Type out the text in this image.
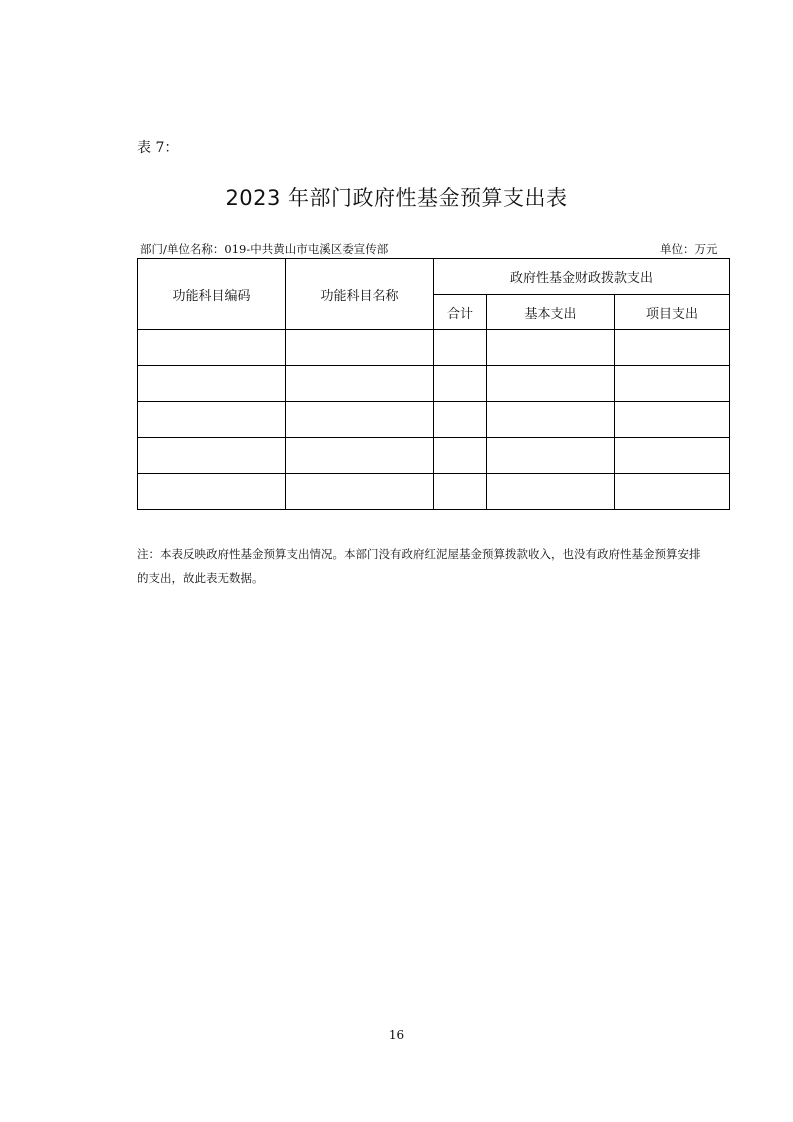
表 7：
2023 年部门政府性基金预算支出表
部门/单位名称：019-中共黄山市屯溪区委宣传部	单位：万元
功能科目编码	功能科目名称	政府性基金财政拨款支出		
		合计	基本支出	项目支出

注：本表反映政府性基金预算支出情况。本部门没有政府红泥屋基金预算拨款收入，也没有政府性基金预算安排的支出，故此表无数据。
16
